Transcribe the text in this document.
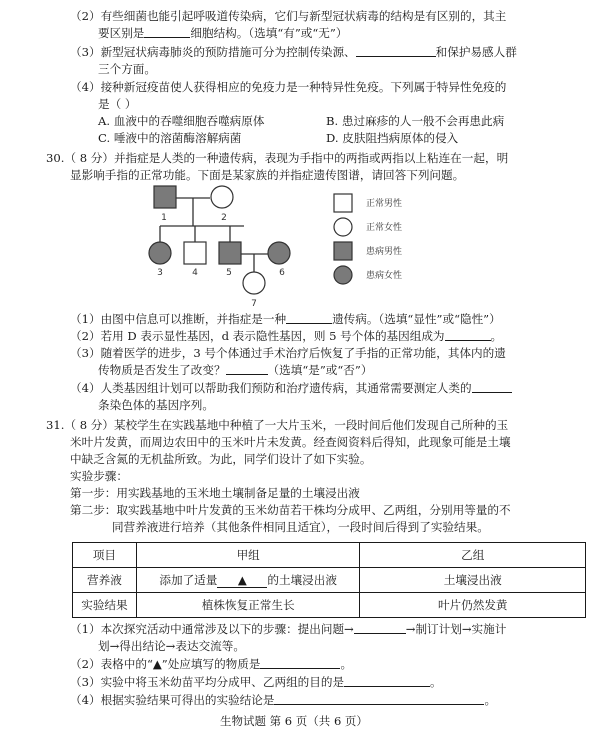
（2）有些细菌也能引起呼吸道传染病，它们与新型冠状病毒的结构是有区别的，其主
要区别是	细胞结构。（选填“有”或“无”）
（3）新型冠状病毒肺炎的预防措施可分为控制传染源、	和保护易感人群
三个方面。
（4）接种新冠疫苗使人获得相应的免疫力是一种特异性免疫。下列属于特异性免疫的
是（ ）
A. 血液中的吞噬细胞吞噬病原体	B. 患过麻疹的人一般不会再患此病
C. 唾液中的溶菌酶溶解病菌	D. 皮肤阻挡病原体的侵入
30.（ 8 分）并指症是人类的一种遗传病，表现为手指中的两指或两指以上粘连在一起，明
显影响手指的正常功能。下面是某家族的并指症遗传图谱，请回答下列问题。
1	2
3	4	5	6
7
正常男性
正常女性
患病男性
患病女性
（1）由图中信息可以推断，并指症是一种	遗传病。（选填“显性”或“隐性”）
（2）若用 D 表示显性基因，d 表示隐性基因，则 5 号个体的基因组成为	。
（3）随着医学的进步，3 号个体通过手术治疗后恢复了手指的正常功能，其体内的遗
传物质是否发生了改变？	（选填“是”或“否”）
（4）人类基因组计划可以帮助我们预防和治疗遗传病，其通常需要测定人类的
条染色体的基因序列。
31.（ 8 分）某校学生在实践基地中种植了一大片玉米，一段时间后他们发现自己所种的玉
米叶片发黄，而周边农田中的玉米叶片未发黄。经查阅资料后得知，此现象可能是土壤
中缺乏含氮的无机盐所致。为此，同学们设计了如下实验。
实验步骤：
第一步：用实践基地的玉米地土壤制备足量的土壤浸出液
第二步：取实践基地中叶片发黄的玉米幼苗若干株均分成甲、乙两组，分别用等量的不
同营养液进行培养（其他条件相同且适宜），一段时间后得到了实验结果。
项目	甲组	乙组
营养液	添加了适量 ▲ 的土壤浸出液	土壤浸出液
实验结果	植株恢复正常生长	叶片仍然发黄
（1）本次探究活动中通常涉及以下的步骤：提出问题→	→制订计划→实施计
划→得出结论→表达交流等。
（2）表格中的“▲”处应填写的物质是	。
（3）实验中将玉米幼苗平均分成甲、乙两组的目的是	。
（4）根据实验结果可得出的实验结论是	。
生物试题 第 6 页（共 6 页）
